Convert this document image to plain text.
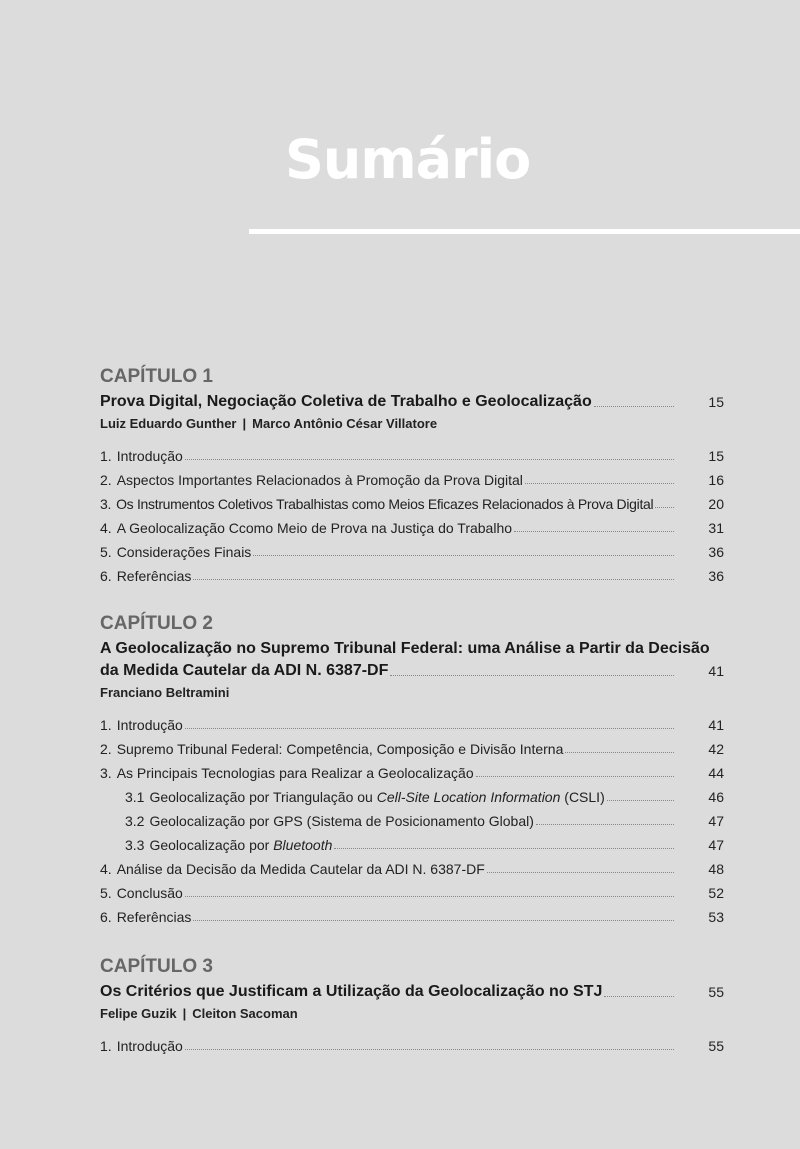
Sumário
CAPÍTULO 1
Prova Digital, Negociação Coletiva de Trabalho e Geolocalização	15
Luiz Eduardo Gunther | Marco Antônio César Villatore
1. Introdução	15
2. Aspectos Importantes Relacionados à Promoção da Prova Digital	16
3. Os Instrumentos Coletivos Trabalhistas como Meios Eficazes Relacionados à Prova Digital	20
4. A Geolocalização Ccomo Meio de Prova na Justiça do Trabalho	31
5. Considerações Finais	36
6. Referências	36
CAPÍTULO 2
A Geolocalização no Supremo Tribunal Federal: uma Análise a Partir da Decisão
da Medida Cautelar da ADI N. 6387-DF	41
Franciano Beltramini
1. Introdução	41
2. Supremo Tribunal Federal: Competência, Composição e Divisão Interna	42
3. As Principais Tecnologias para Realizar a Geolocalização	44
3.1 Geolocalização por Triangulação ou Cell-Site Location Information (CSLI)	46
3.2 Geolocalização por GPS (Sistema de Posicionamento Global)	47
3.3 Geolocalização por Bluetooth	47
4. Análise da Decisão da Medida Cautelar da ADI N. 6387-DF	48
5. Conclusão	52
6. Referências	53
CAPÍTULO 3
Os Critérios que Justificam a Utilização da Geolocalização no STJ	55
Felipe Guzik | Cleiton Sacoman
1. Introdução	55
